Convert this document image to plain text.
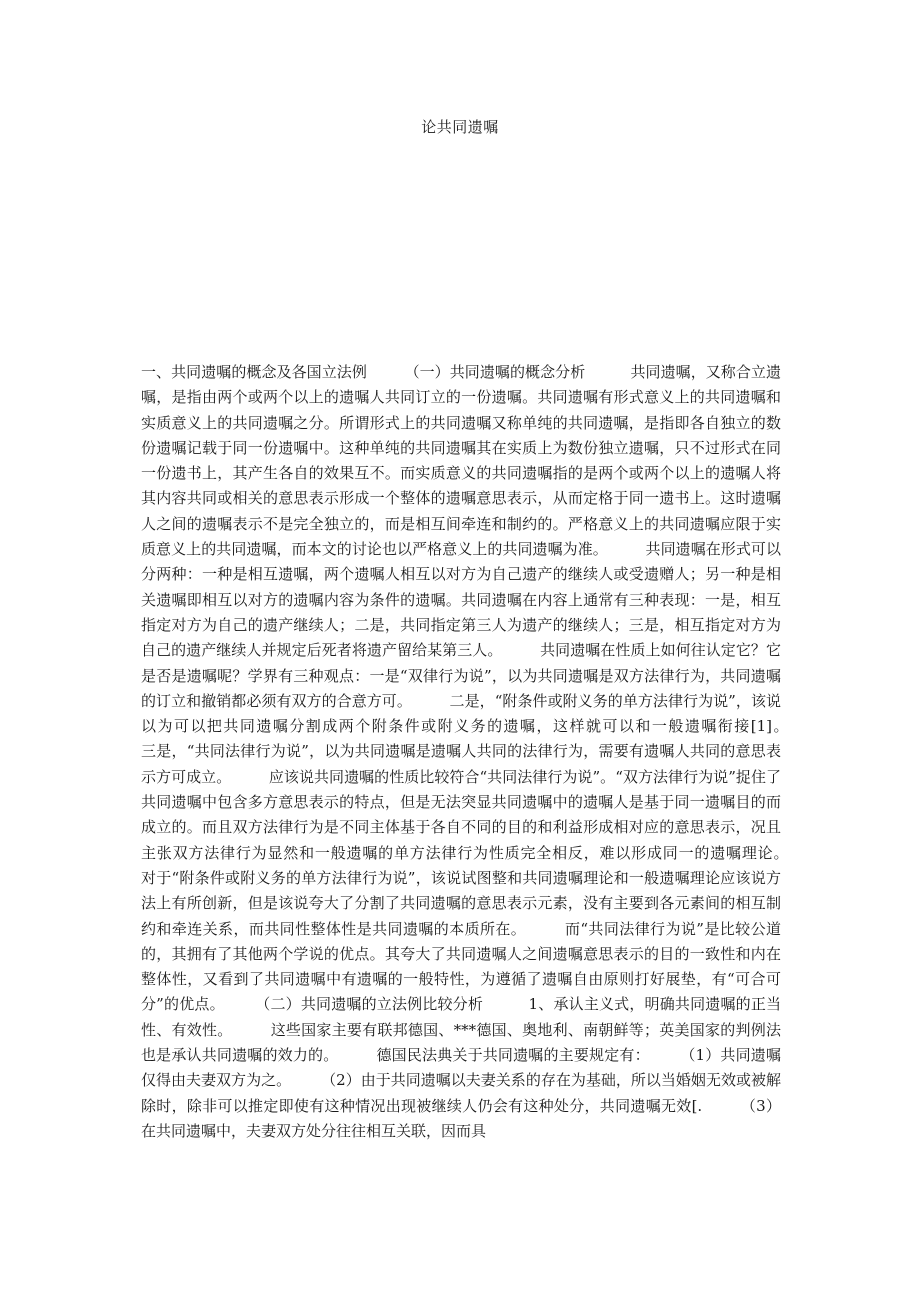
论共同遗嘱

一、共同遗嘱的概念及各国立法例　　　（一）共同遗嘱的概念分析　　　共同遗嘱，又称合立遗嘱，是指由两个或两个以上的遗嘱人共同订立的一份遗嘱。共同遗嘱有形式意义上的共同遗嘱和实质意义上的共同遗嘱之分。所谓形式上的共同遗嘱又称单纯的共同遗嘱，是指即各自独立的数份遗嘱记载于同一份遗嘱中。这种单纯的共同遗嘱其在实质上为数份独立遗嘱，只不过形式在同一份遗书上，其产生各自的效果互不。而实质意义的共同遗嘱指的是两个或两个以上的遗嘱人将其内容共同或相关的意思表示形成一个整体的遗嘱意思表示，从而定格于同一遗书上。这时遗嘱人之间的遗嘱表示不是完全独立的，而是相互间牵连和制约的。严格意义上的共同遗嘱应限于实质意义上的共同遗嘱，而本文的讨论也以严格意义上的共同遗嘱为准。　　　共同遗嘱在形式可以分两种：一种是相互遗嘱，两个遗嘱人相互以对方为自己遗产的继续人或受遗赠人；另一种是相关遗嘱即相互以对方的遗嘱内容为条件的遗嘱。共同遗嘱在内容上通常有三种表现：一是，相互指定对方为自己的遗产继续人；二是，共同指定第三人为遗产的继续人；三是，相互指定对方为自己的遗产继续人并规定后死者将遗产留给某第三人。　　　共同遗嘱在性质上如何往认定它？它是否是遗嘱呢？学界有三种观点：一是“双律行为说”，以为共同遗嘱是双方法律行为，共同遗嘱的订立和撤销都必须有双方的合意方可。　　　二是，“附条件或附义务的单方法律行为说”，该说以为可以把共同遗嘱分割成两个附条件或附义务的遗嘱，这样就可以和一般遗嘱衔接[1]。　　　三是，“共同法律行为说”，以为共同遗嘱是遗嘱人共同的法律行为，需要有遗嘱人共同的意思表示方可成立。　　　应该说共同遗嘱的性质比较符合“共同法律行为说”。“双方法律行为说”捉住了共同遗嘱中包含多方意思表示的特点，但是无法突显共同遗嘱中的遗嘱人是基于同一遗嘱目的而成立的。而且双方法律行为是不同主体基于各自不同的目的和利益形成相对应的意思表示，况且主张双方法律行为显然和一般遗嘱的单方法律行为性质完全相反，难以形成同一的遗嘱理论。　　　对于“附条件或附义务的单方法律行为说”，该说试图整和共同遗嘱理论和一般遗嘱理论应该说方法上有所创新，但是该说夸大了分割了共同遗嘱的意思表示元素，没有主要到各元素间的相互制约和牵连关系，而共同性整体性是共同遗嘱的本质所在。　　　而“共同法律行为说”是比较公道的，其拥有了其他两个学说的优点。其夸大了共同遗嘱人之间遗嘱意思表示的目的一致性和内在整体性，又看到了共同遗嘱中有遗嘱的一般特性，为遵循了遗嘱自由原则打好展垫，有“可合可分”的优点。　　　（二）共同遗嘱的立法例比较分析　　　1、承认主义式，明确共同遗嘱的正当性、有效性。　　　这些国家主要有联邦德国、***德国、奥地利、南朝鲜等；英美国家的判例法也是承认共同遗嘱的效力的。　　　德国民法典关于共同遗嘱的主要规定有：　　　（1）共同遗嘱仅得由夫妻双方为之。　　　（2）由于共同遗嘱以夫妻关系的存在为基础，所以当婚姻无效或被解除时，除非可以推定即使有这种情况出现被继续人仍会有这种处分，共同遗嘱无效[.　　　（3）在共同遗嘱中，夫妻双方处分往往相互关联，因而具
